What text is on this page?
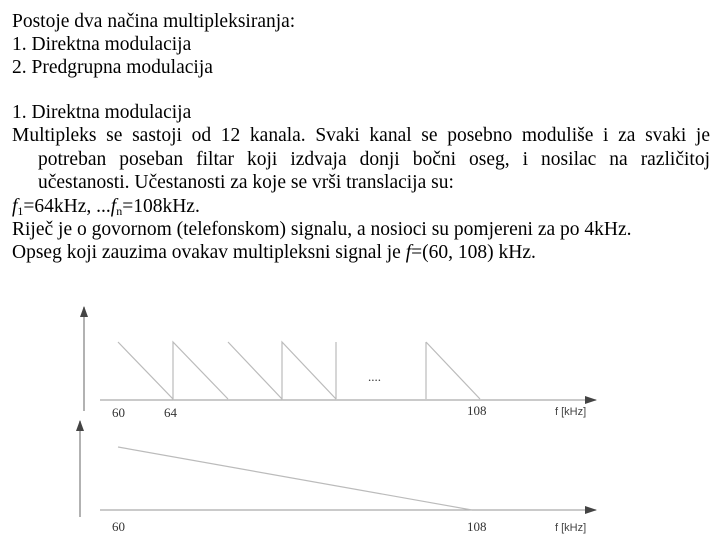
Postoje dva načina multipleksiranja:
1. Direktna modulacija
2. Predgrupna modulacija
1. Direktna modulacija
Multipleks se sastoji od 12 kanala. Svaki kanal se posebno moduliše i za svaki je potreban poseban filtar koji izdvaja donji bočni oseg, i nosilac na različitoj učestanosti. Učestanosti za koje se vrši translacija su:
$f_1=64kHz$, $...f_n=108kHz$.
Riječ je o govornom (telefonskom) signalu, a nosioci su pomjereni za po 4kHz.
Opseg koji zauzima ovakav multipleksni signal je f=(60, 108) kHz.
....
60	64	108	f [kHz]
60	108	f [kHz]
